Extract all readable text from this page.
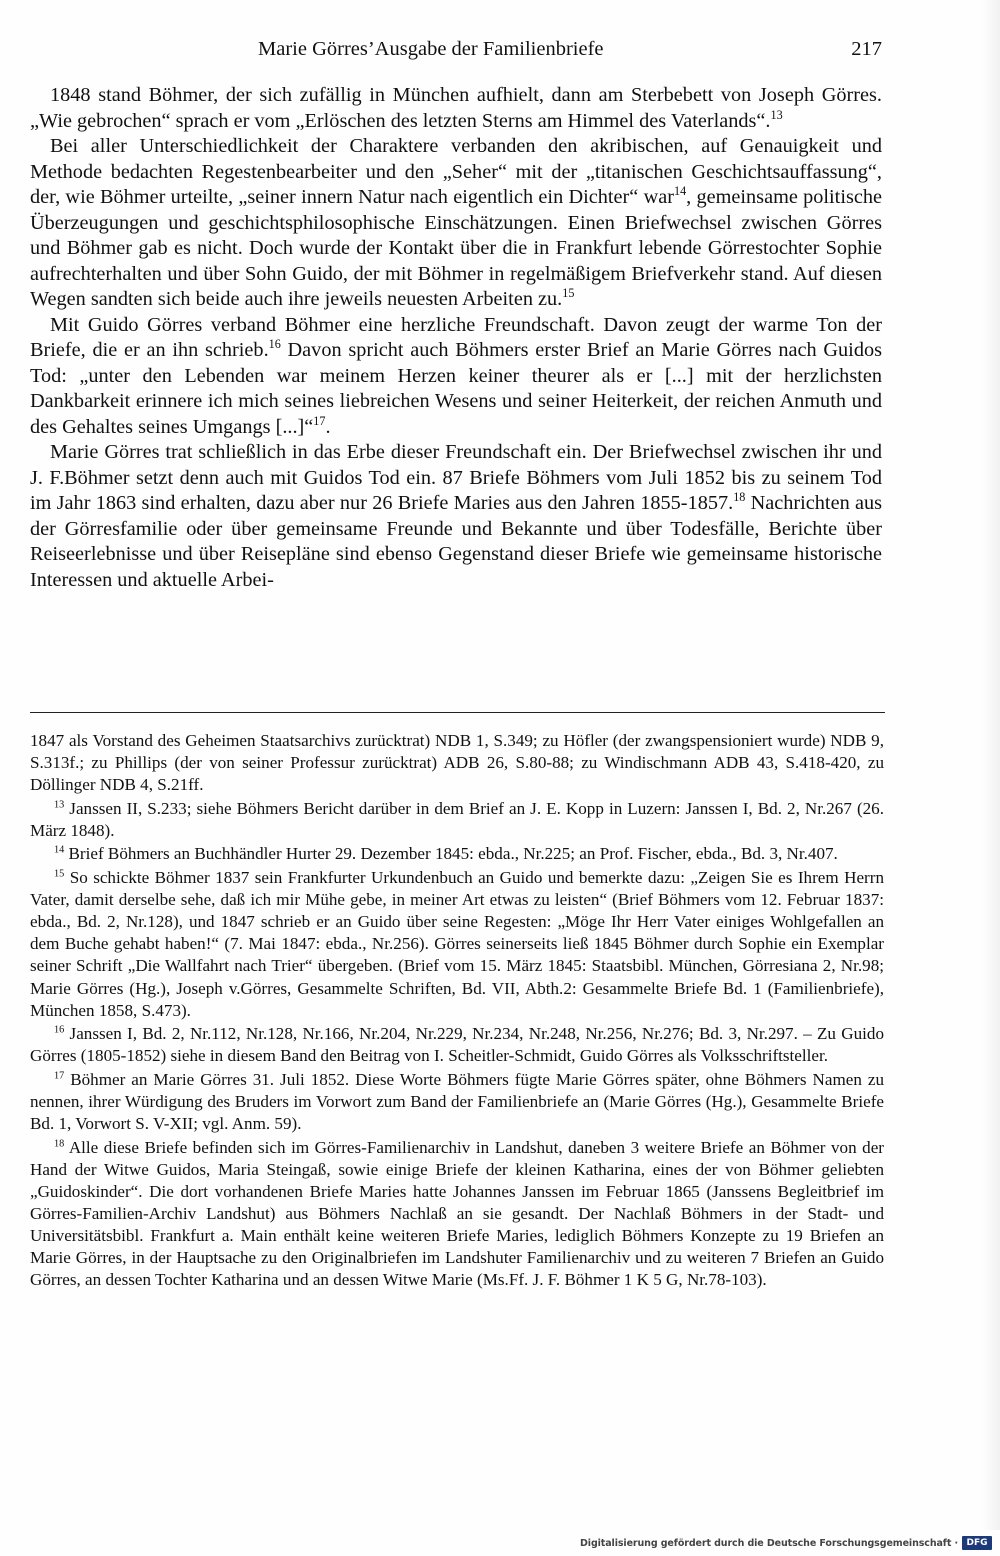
Marie Görres’Ausgabe der Familienbriefe	217

1848 stand Böhmer, der sich zufällig in München aufhielt, dann am Sterbebett von Joseph Görres. „Wie gebrochen“ sprach er vom „Erlöschen des letzten Sterns am Himmel des Vaterlands“.$^{13}$

Bei aller Unterschiedlichkeit der Charaktere verbanden den akribischen, auf Genauigkeit und Methode bedachten Regestenbearbeiter und den „Seher“ mit der „titanischen Geschichtsauffassung“, der, wie Böhmer urteilte, „seiner innern Natur nach eigentlich ein Dichter“ war$^{14}$, gemeinsame politische Überzeugungen und geschichtsphilosophische Einschätzungen. Einen Briefwechsel zwischen Görres und Böhmer gab es nicht. Doch wurde der Kontakt über die in Frankfurt lebende Görrestochter Sophie aufrechterhalten und über Sohn Guido, der mit Böhmer in regelmäßigem Briefverkehr stand. Auf diesen Wegen sandten sich beide auch ihre jeweils neuesten Arbeiten zu.$^{15}$

Mit Guido Görres verband Böhmer eine herzliche Freundschaft. Davon zeugt der warme Ton der Briefe, die er an ihn schrieb.$^{16}$ Davon spricht auch Böhmers erster Brief an Marie Görres nach Guidos Tod: „unter den Lebenden war meinem Herzen keiner theurer als er [...] mit der herzlichsten Dankbarkeit erinnere ich mich seines liebreichen Wesens und seiner Heiterkeit, der reichen Anmuth und des Gehaltes seines Umgangs [...]“$^{17}$.

Marie Görres trat schließlich in das Erbe dieser Freundschaft ein. Der Briefwechsel zwischen ihr und J. F.Böhmer setzt denn auch mit Guidos Tod ein. 87 Briefe Böhmers vom Juli 1852 bis zu seinem Tod im Jahr 1863 sind erhalten, dazu aber nur 26 Briefe Maries aus den Jahren 1855-1857.18 Nachrichten aus der Görresfamilie oder über gemeinsame Freunde und Bekannte und über Todesfälle, Berichte über Reiseerlebnisse und über Reisepläne sind ebenso Gegenstand dieser Briefe wie gemeinsame historische Interessen und aktuelle Arbei-

1847 als Vorstand des Geheimen Staatsarchivs zurücktrat) NDB 1, S.349; zu Höfler (der zwangspensioniert wurde) NDB 9, S.313f.; zu Phillips (der von seiner Professur zurücktrat) ADB 26, S.80-88; zu Windischmann ADB 43, S.418-420, zu Döllinger NDB 4, S.21ff.

$^{13}$ Janssen II, S.233; siehe Böhmers Bericht darüber in dem Brief an J. E. Kopp in Luzern: Janssen I, Bd. 2, Nr.267 (26. März 1848).

$^{14}$ Brief Böhmers an Buchhändler Hurter 29. Dezember 1845: ebda., Nr.225; an Prof. Fischer, ebda., Bd. 3, Nr.407.

$^{15}$ So schickte Böhmer 1837 sein Frankfurter Urkundenbuch an Guido und bemerkte dazu: „Zeigen Sie es Ihrem Herrn Vater, damit derselbe sehe, daß ich mir Mühe gebe, in meiner Art etwas zu leisten“ (Brief Böhmers vom 12. Februar 1837: ebda., Bd. 2, Nr.128), und 1847 schrieb er an Guido über seine Regesten: „Möge Ihr Herr Vater einiges Wohlgefallen an dem Buche gehabt haben!“ (7. Mai 1847: ebda., Nr.256). Görres seinerseits ließ 1845 Böhmer durch Sophie ein Exemplar seiner Schrift „Die Wallfahrt nach Trier“ übergeben. (Brief vom 15. März 1845: Staatsbibl. München, Görresiana 2, Nr.98; Marie Görres (Hg.), Joseph v.Görres, Gesammelte Schriften, Bd. VII, Abth.2: Gesammelte Briefe Bd. 1 (Familienbriefe), München 1858, S.473).

$^{16}$ Janssen I, Bd. 2, Nr.112, Nr.128, Nr.166, Nr.204, Nr.229, Nr.234, Nr.248, Nr.256, Nr.276; Bd. 3, Nr.297. – Zu Guido Görres (1805-1852) siehe in diesem Band den Beitrag von I. Scheitler-Schmidt, Guido Görres als Volksschriftsteller.

$^{17}$ Böhmer an Marie Görres 31. Juli 1852. Diese Worte Böhmers fügte Marie Görres später, ohne Böhmers Namen zu nennen, ihrer Würdigung des Bruders im Vorwort zum Band der Familienbriefe an (Marie Görres (Hg.), Gesammelte Briefe Bd. 1, Vorwort S. V-XII; vgl. Anm. 59).

$^{18}$ Alle diese Briefe befinden sich im Görres-Familienarchiv in Landshut, daneben 3 weitere Briefe an Böhmer von der Hand der Witwe Guidos, Maria Steingaß, sowie einige Briefe der kleinen Katharina, eines der von Böhmer geliebten „Guidoskinder“. Die dort vorhandenen Briefe Maries hatte Johannes Janssen im Februar 1865 (Janssens Begleitbrief im Görres-Familien-Archiv Landshut) aus Böhmers Nachlaß an sie gesandt. Der Nachlaß Böhmers in der Stadt- und Universitätsbibl. Frankfurt a. Main enthält keine weiteren Briefe Maries, lediglich Böhmers Konzepte zu 19 Briefen an Marie Görres, in der Hauptsache zu den Originalbriefen im Landshuter Familienarchiv und zu weiteren 7 Briefen an Guido Görres, an dessen Tochter Katharina und an dessen Witwe Marie (Ms.Ff. J. F. Böhmer 1 K 5 G, Nr.78-103).

Digitalisierung gefördert durch die Deutsche Forschungsgemeinschaft · DFG
